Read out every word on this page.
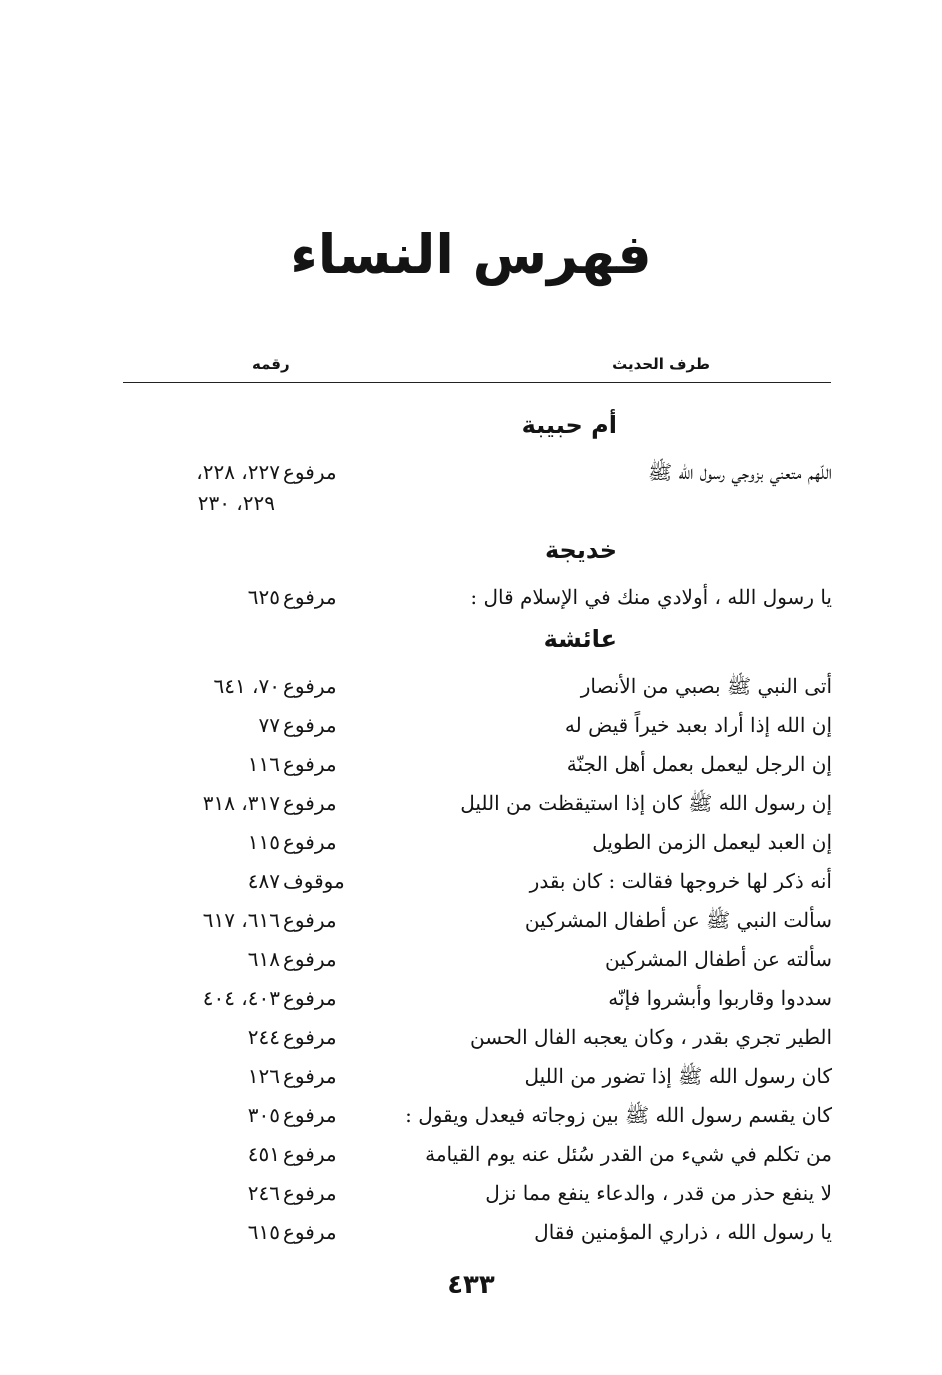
فهرس النساء
طرف الحديث
رقمه
أم حبيبة
اللّهم متعني بزوجي رسول الله ﷺ
مرفوع
٢٢٧، ٢٢٨،
٢٢٩، ٢٣٠
خديجة
يا رسول الله ، أولادي منك في الإسلام قال :
مرفوع
٦٢٥
عائشة
أتى النبي ﷺ بصبي من الأنصار
مرفوع
٧٠، ٦٤١
إن الله إذا أراد بعبد خيراً قيض له
مرفوع
٧٧
إن الرجل ليعمل بعمل أهل الجنّة
مرفوع
١١٦
إن رسول الله ﷺ كان إذا استيقظت من الليل
مرفوع
٣١٧، ٣١٨
إن العبد ليعمل الزمن الطويل
مرفوع
١١٥
أنه ذكر لها خروجها فقالت : كان بقدر
موقوف
٤٨٧
سألت النبي ﷺ عن أطفال المشركين
مرفوع
٦١٦، ٦١٧
سألته عن أطفال المشركين
مرفوع
٦١٨
سددوا وقاربوا وأبشروا فإنّه
مرفوع
٤٠٣، ٤٠٤
الطير تجري بقدر ، وكان يعجبه الفال الحسن
مرفوع
٢٤٤
كان رسول الله ﷺ إذا تضور من الليل
مرفوع
١٢٦
كان يقسم رسول الله ﷺ بين زوجاته فيعدل ويقول :
مرفوع
٣٠٥
من تكلم في شيء من القدر سُئل عنه يوم القيامة
مرفوع
٤٥١
لا ينفع حذر من قدر ، والدعاء ينفع مما نزل
مرفوع
٢٤٦
يا رسول الله ، ذراري المؤمنين فقال
مرفوع
٦١٥
٤٣٣
